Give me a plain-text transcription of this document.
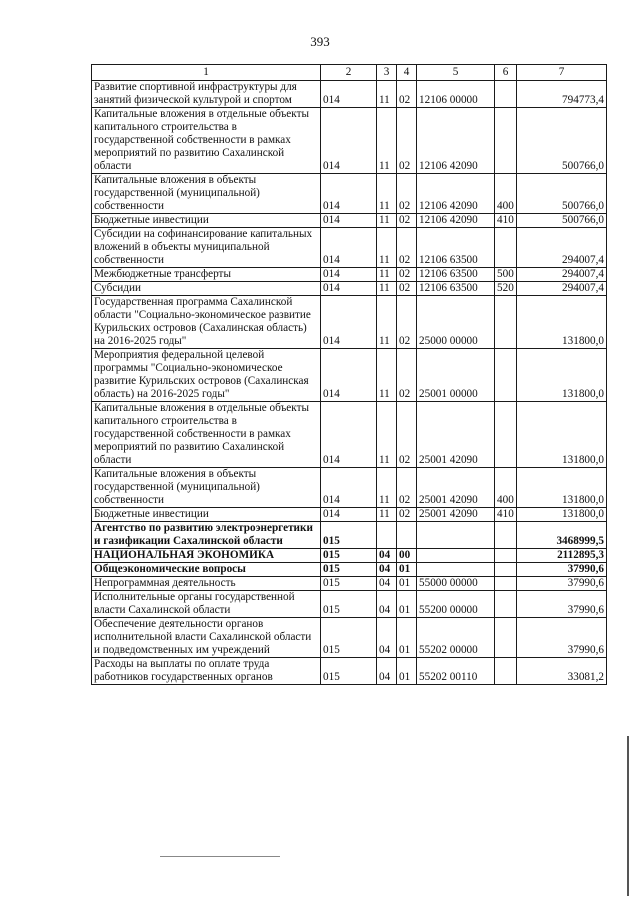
393
1	2	3	4	5	6	7
Развитие спортивной инфраструктуры для занятий физической культурой и спортом	014	11	02	12106 00000		794773,4
Капитальные вложения в отдельные объекты капитального строительства в государственной собственности в рамках мероприятий по развитию Сахалинской области	014	11	02	12106 42090		500766,0
Капитальные вложения в объекты государственной (муниципальной) собственности	014	11	02	12106 42090	400	500766,0
Бюджетные инвестиции	014	11	02	12106 42090	410	500766,0
Субсидии на софинансирование капитальных вложений в объекты муниципальной собственности	014	11	02	12106 63500		294007,4
Межбюджетные трансферты	014	11	02	12106 63500	500	294007,4
Субсидии	014	11	02	12106 63500	520	294007,4
Государственная программа Сахалинской области "Социально-экономическое развитие Курильских островов (Сахалинская область) на 2016-2025 годы"	014	11	02	25000 00000		131800,0
Мероприятия федеральной целевой программы "Социально-экономическое развитие Курильских островов (Сахалинская область) на 2016-2025 годы"	014	11	02	25001 00000		131800,0
Капитальные вложения в отдельные объекты капитального строительства в государственной собственности в рамках мероприятий по развитию Сахалинской области	014	11	02	25001 42090		131800,0
Капитальные вложения в объекты государственной (муниципальной) собственности	014	11	02	25001 42090	400	131800,0
Бюджетные инвестиции	014	11	02	25001 42090	410	131800,0
Агентство по развитию электроэнергетики и газификации Сахалинской области	015					3468999,5
НАЦИОНАЛЬНАЯ ЭКОНОМИКА	015	04	00			2112895,3
Общеэкономические вопросы	015	04	01			37990,6
Непрограммная деятельность	015	04	01	55000 00000		37990,6
Исполнительные органы государственной власти Сахалинской области	015	04	01	55200 00000		37990,6
Обеспечение деятельности органов исполнительной власти Сахалинской области и подведомственных им учреждений	015	04	01	55202 00000		37990,6
Расходы на выплаты по оплате труда работников государственных органов	015	04	01	55202 00110		33081,2
